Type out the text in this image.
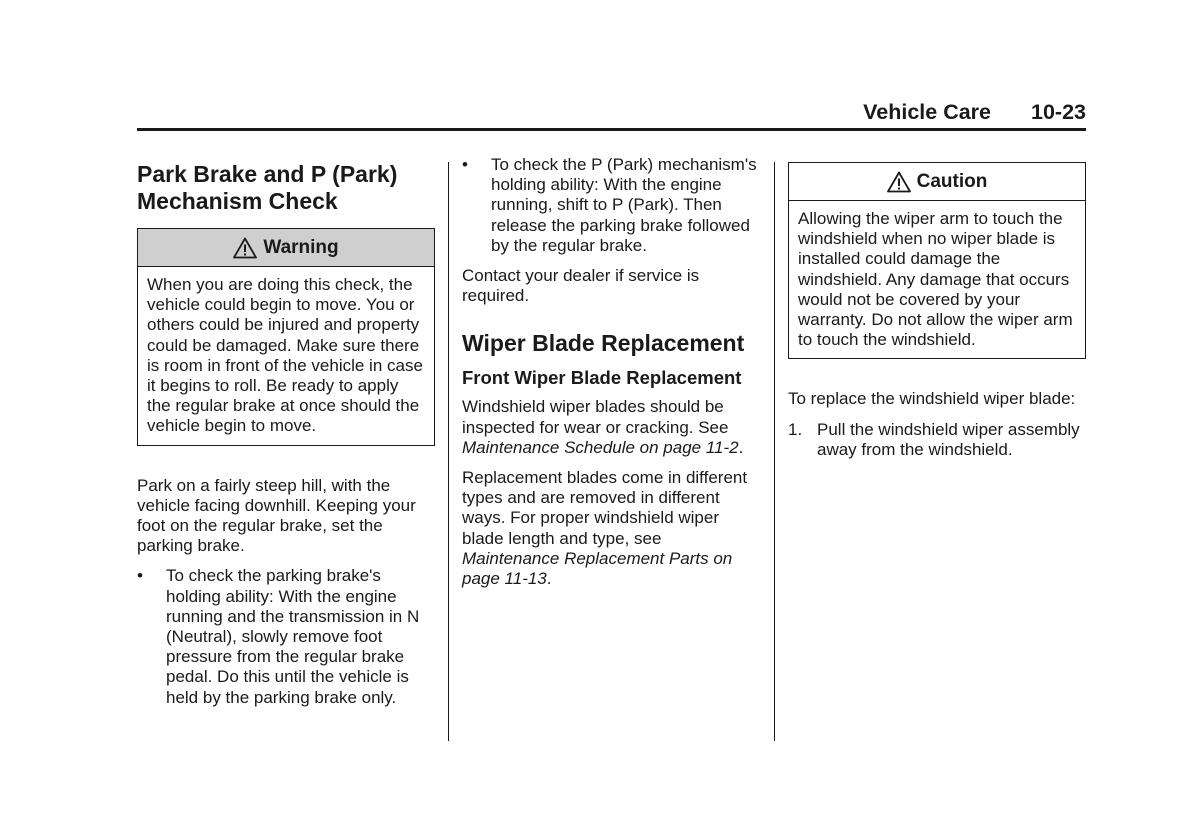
Vehicle Care 10-23
Park Brake and P (Park) Mechanism Check
Warning
When you are doing this check, the vehicle could begin to move. You or others could be injured and property could be damaged. Make sure there is room in front of the vehicle in case it begins to roll. Be ready to apply the regular brake at once should the vehicle begin to move.

Park on a fairly steep hill, with the vehicle facing downhill. Keeping your foot on the regular brake, set the parking brake.

• To check the parking brake's holding ability: With the engine running and the transmission in N (Neutral), slowly remove foot pressure from the regular brake pedal. Do this until the vehicle is held by the parking brake only.
• To check the P (Park) mechanism's holding ability: With the engine running, shift to P (Park). Then release the parking brake followed by the regular brake.

Contact your dealer if service is required.

Wiper Blade Replacement
Front Wiper Blade Replacement

Windshield wiper blades should be inspected for wear or cracking. See Maintenance Schedule on page 11-2.

Replacement blades come in different types and are removed in different ways. For proper windshield wiper blade length and type, see Maintenance Replacement Parts on page 11-13.

Caution
Allowing the wiper arm to touch the windshield when no wiper blade is installed could damage the windshield. Any damage that occurs would not be covered by your warranty. Do not allow the wiper arm to touch the windshield.

To replace the windshield wiper blade:

1. Pull the windshield wiper assembly away from the windshield.
